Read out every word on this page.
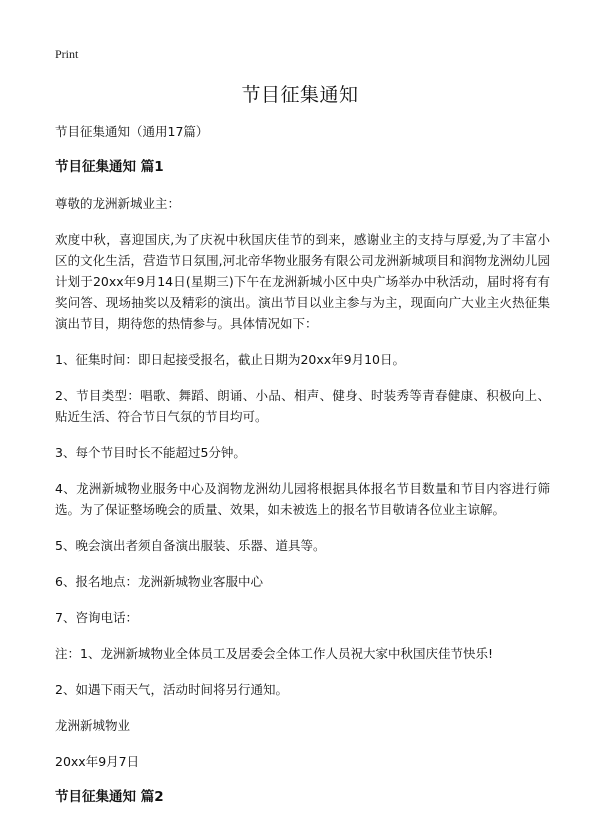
Print
节目征集通知

节目征集通知（通用17篇）

节目征集通知 篇1

尊敬的龙洲新城业主：

欢度中秋，喜迎国庆,为了庆祝中秋国庆佳节的到来，感谢业主的支持与厚爱,为了丰富小区的文化生活，营造节日氛围,河北帝华物业服务有限公司龙洲新城项目和润物龙洲幼儿园计划于20xx年9月14日(星期三)下午在龙洲新城小区中央广场举办中秋活动，届时将有有奖问答、现场抽奖以及精彩的演出。演出节目以业主参与为主，现面向广大业主火热征集演出节目，期待您的热情参与。具体情况如下：

1、征集时间：即日起接受报名，截止日期为20xx年9月10日。

2、节目类型：唱歌、舞蹈、朗诵、小品、相声、健身、时装秀等青春健康、积极向上、贴近生活、符合节日气氛的节目均可。

3、每个节目时长不能超过5分钟。

4、龙洲新城物业服务中心及润物龙洲幼儿园将根据具体报名节目数量和节目内容进行筛选。为了保证整场晚会的质量、效果，如未被选上的报名节目敬请各位业主谅解。

5、晚会演出者须自备演出服装、乐器、道具等。

6、报名地点：龙洲新城物业客服中心

7、咨询电话：

注：1、龙洲新城物业全体员工及居委会全体工作人员祝大家中秋国庆佳节快乐!

2、如遇下雨天气，活动时间将另行通知。

龙洲新城物业

20xx年9月7日

节目征集通知 篇2
